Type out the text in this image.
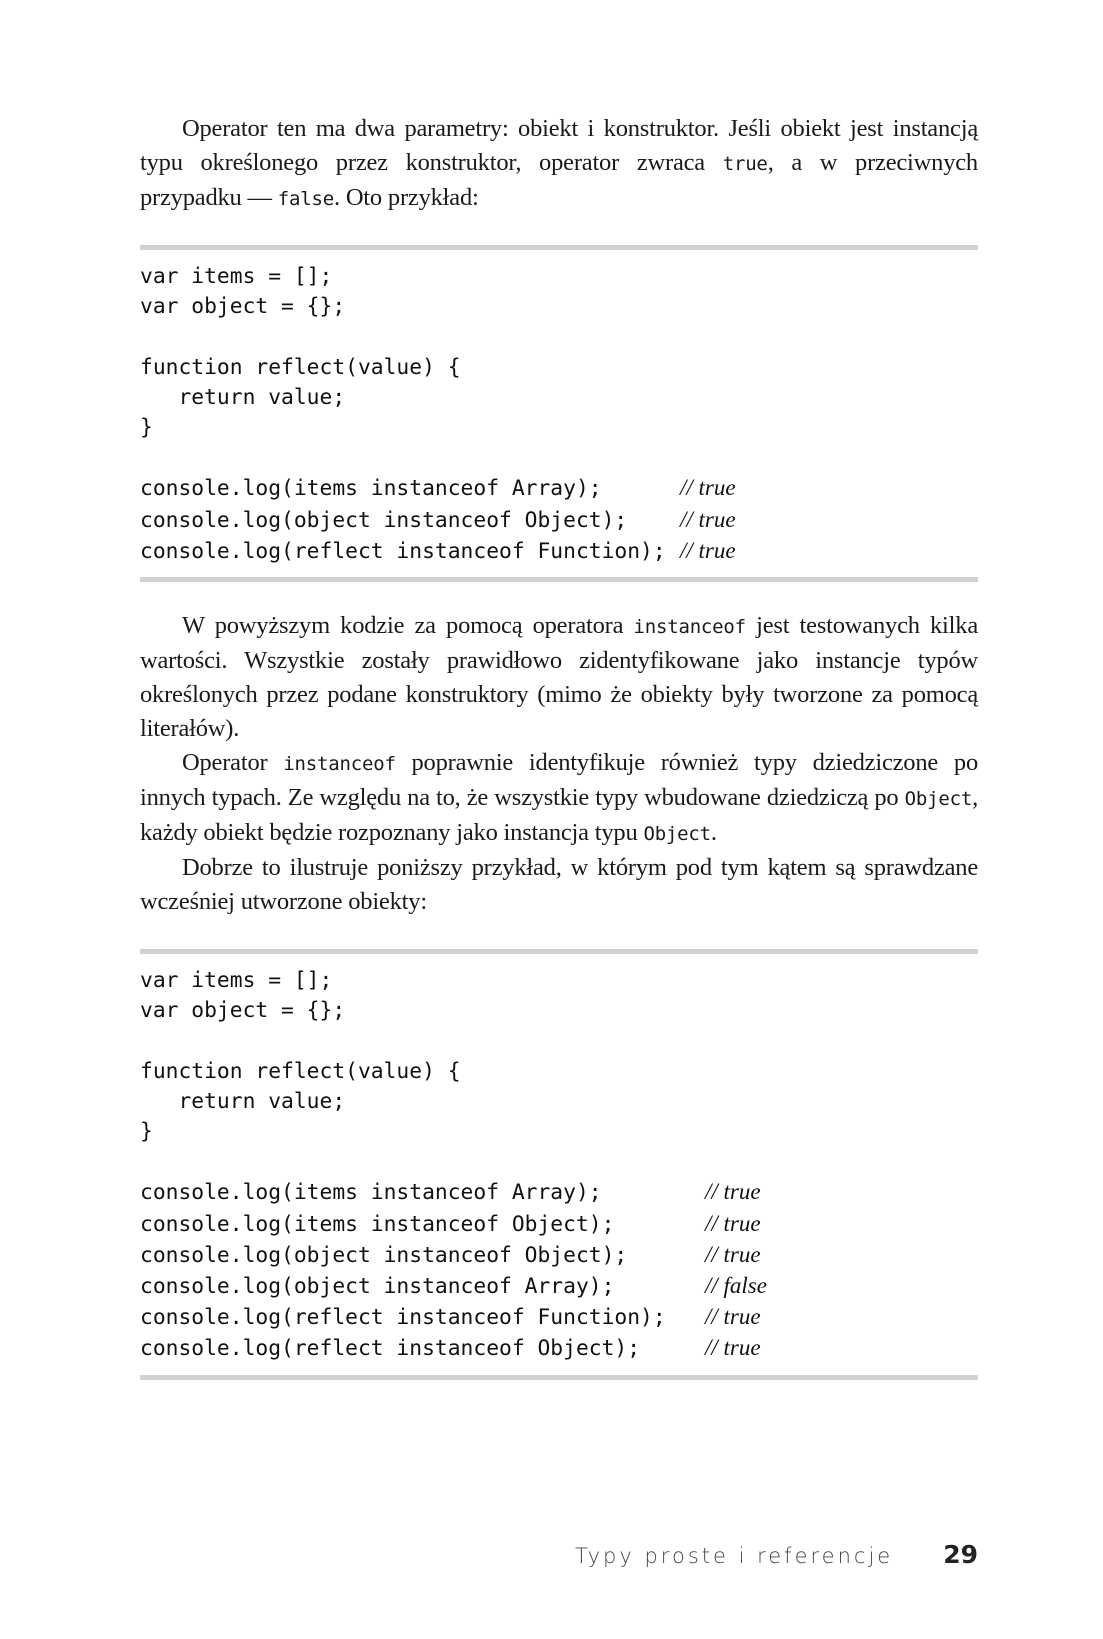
Operator ten ma dwa parametry: obiekt i konstruktor. Jeśli obiekt jest instancją typu określonego przez konstruktor, operator zwraca true, a w przeciwnych przypadku — false. Oto przykład:

var items = [];
var object = {};

function reflect(value) {
return value;
}

console.log(items instanceof Array);	// true
console.log(object instanceof Object); // true
console.log(reflect instanceof Function); // true

W powyższym kodzie za pomocą operatora instanceof jest testowanych kilka wartości. Wszystkie zostały prawidłowo zidentyfikowane jako instancje typów określonych przez podane konstruktory (mimo że obiekty były tworzone za pomocą literałów).

Operator instanceof poprawnie identyfikuje również typy dziedziczone po innych typach. Ze względu na to, że wszystkie typy wbudowane dziedziczą po Object, każdy obiekt będzie rozpoznany jako instancja typu Object.

Dobrze to ilustruje poniższy przykład, w którym pod tym kątem są sprawdzane wcześniej utworzone obiekty:

var items = [];
var object = {};

function reflect(value) {
return value;
}

console.log(items instanceof Array);	// true
console.log(items instanceof Object);	// true
console.log(object instanceof Object);	// true
console.log(object instanceof Array);	// false
console.log(reflect instanceof Function); // true
console.log(reflect instanceof Object);	// true
Typy proste i referencje 29
